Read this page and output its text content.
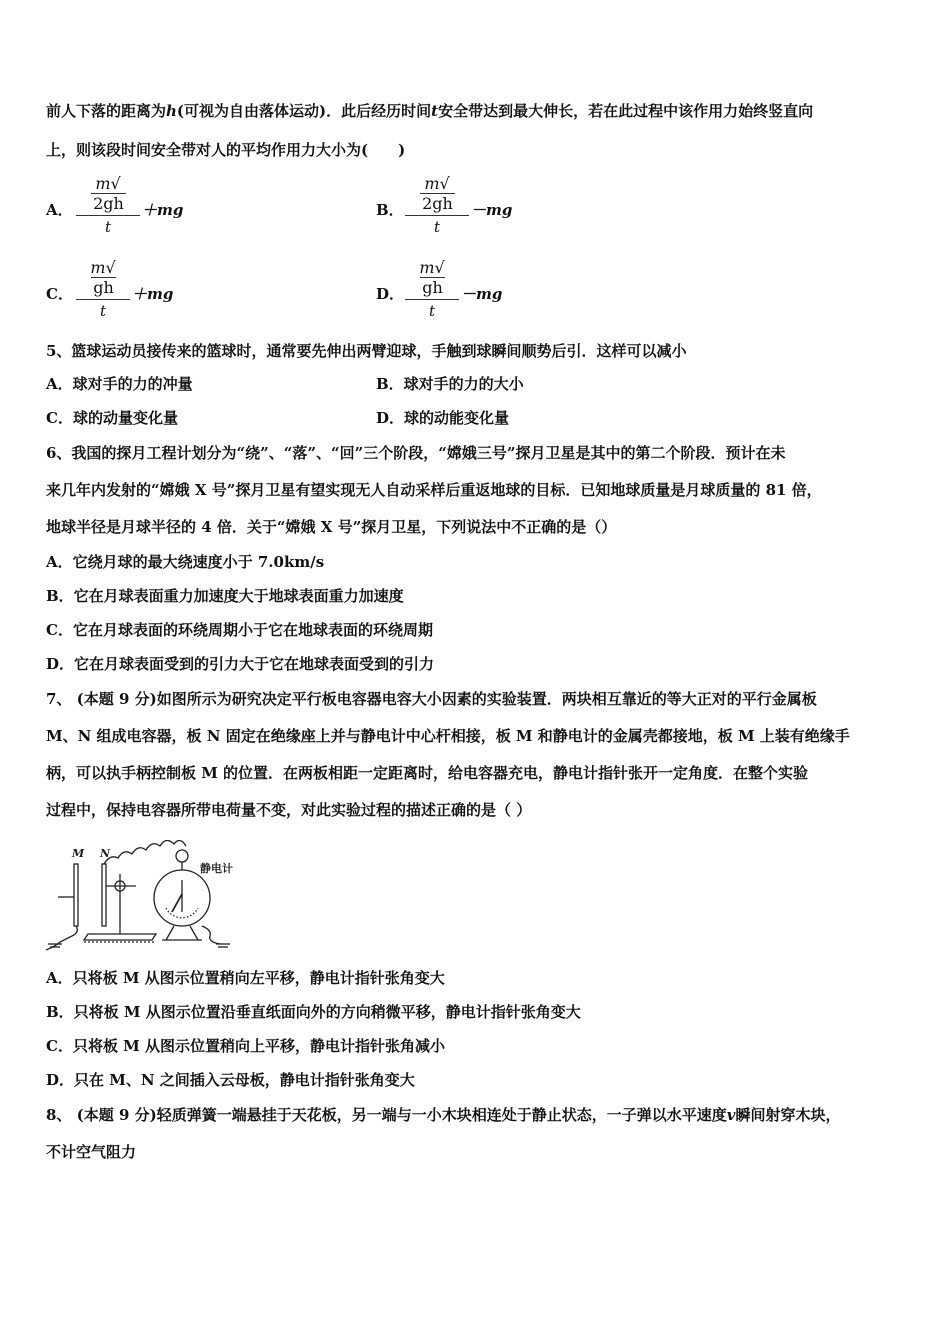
前人下落的距离为h(可视为自由落体运动)．此后经历时间t安全带达到最大伸长，若在此过程中该作用力始终竖直向
上，则该段时间安全带对人的平均作用力大小为(　　)
A． $\frac{m√2gh}{t} +mg$	B． $\frac{m√2gh}{t} -mg$
C． $\frac{m√gh}{t} +mg$	D． $\frac{m√gh}{t} -mg$
5、篮球运动员接传来的篮球时，通常要先伸出两臂迎球，手触到球瞬间顺势后引．这样可以减小
A．球对手的力的冲量	B．球对手的力的大小
C．球的动量变化量	D．球的动能变化量
6、我国的探月工程计划分为“绕”、“落”、“回”三个阶段，“嫦娥三号”探月卫星是其中的第二个阶段．预计在未
来几年内发射的“嫦娥 X 号”探月卫星有望实现无人自动采样后重返地球的目标．已知地球质量是月球质量的 81 倍，
地球半径是月球半径的 4 倍．关于“嫦娥 X 号”探月卫星，下列说法中不正确的是（）
A．它绕月球的最大绕速度小于 7.0km/s
B．它在月球表面重力加速度大于地球表面重力加速度
C．它在月球表面的环绕周期小于它在地球表面的环绕周期
D．它在月球表面受到的引力大于它在地球表面受到的引力
7、 (本题 9 分)如图所示为研究决定平行板电容器电容大小因素的实验装置．两块相互靠近的等大正对的平行金属板
M、N 组成电容器，板 N 固定在绝缘座上并与静电计中心杆相接，板 M 和静电计的金属壳都接地，板 M 上装有绝缘手
柄，可以执手柄控制板 M 的位置．在两板相距一定距离时，给电容器充电，静电计指针张开一定角度．在整个实验
过程中，保持电容器所带电荷量不变，对此实验过程的描述正确的是（ ）
M N
静电计
A．只将板 M 从图示位置稍向左平移，静电计指针张角变大
B．只将板 M 从图示位置沿垂直纸面向外的方向稍微平移，静电计指针张角变大
C．只将板 M 从图示位置稍向上平移，静电计指针张角减小
D．只在 M、N 之间插入云母板，静电计指针张角变大
8、 (本题 9 分)轻质弹簧一端悬挂于天花板，另一端与一小木块相连处于静止状态，一子弹以水平速度v瞬间射穿木块，
不计空气阻力
